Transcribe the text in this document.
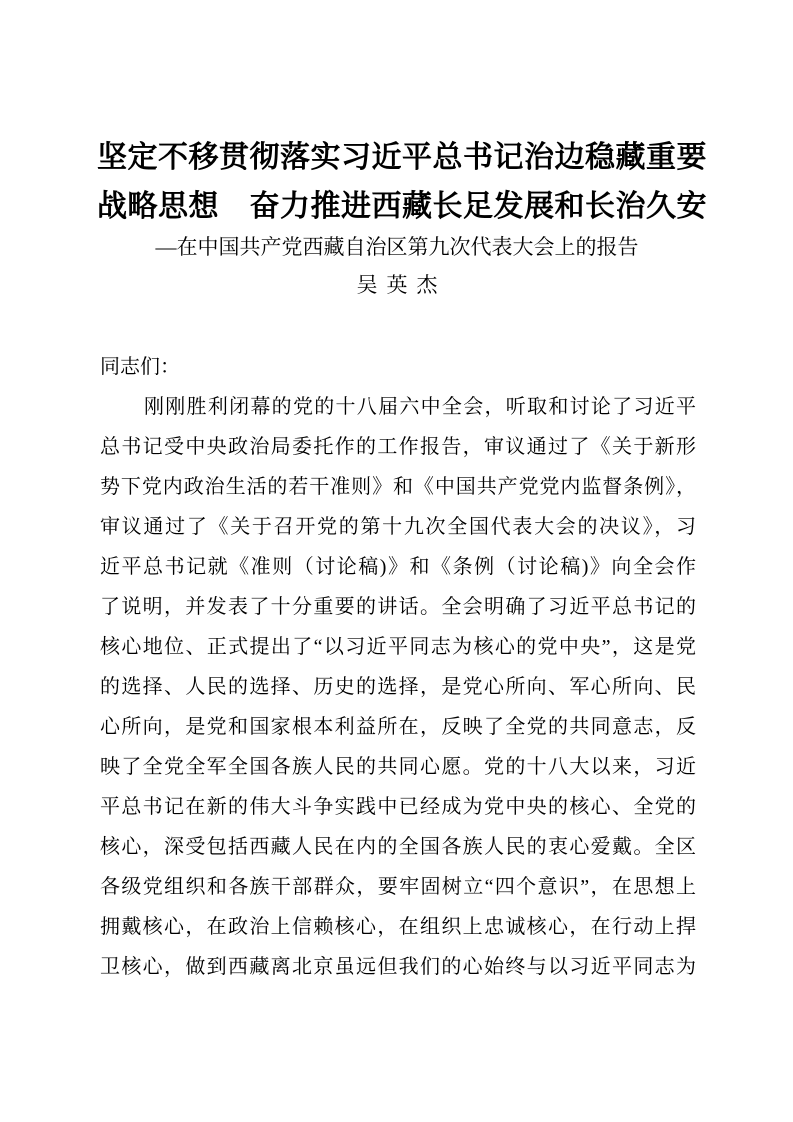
坚定不移贯彻落实习近平总书记治边稳藏重要
战略思想　奋力推进西藏长足发展和长治久安
—在中国共产党西藏自治区第九次代表大会上的报告
吴英杰
同志们：
刚刚胜利闭幕的党的十八届六中全会，听取和讨论了习近平
总书记受中央政治局委托作的工作报告，审议通过了《关于新形
势下党内政治生活的若干准则》和《中国共产党党内监督条例》，
审议通过了《关于召开党的第十九次全国代表大会的决议》，习
近平总书记就《准则（讨论稿)》和《条例（讨论稿)》向全会作
了说明，并发表了十分重要的讲话。全会明确了习近平总书记的
核心地位、正式提出了“以习近平同志为核心的党中央”，这是党
的选择、人民的选择、历史的选择，是党心所向、军心所向、民
心所向，是党和国家根本利益所在，反映了全党的共同意志，反
映了全党全军全国各族人民的共同心愿。党的十八大以来，习近
平总书记在新的伟大斗争实践中已经成为党中央的核心、全党的
核心，深受包括西藏人民在内的全国各族人民的衷心爱戴。全区
各级党组织和各族干部群众，要牢固树立“四个意识”，在思想上
拥戴核心，在政治上信赖核心，在组织上忠诚核心，在行动上捍
卫核心，做到西藏离北京虽远但我们的心始终与以习近平同志为
